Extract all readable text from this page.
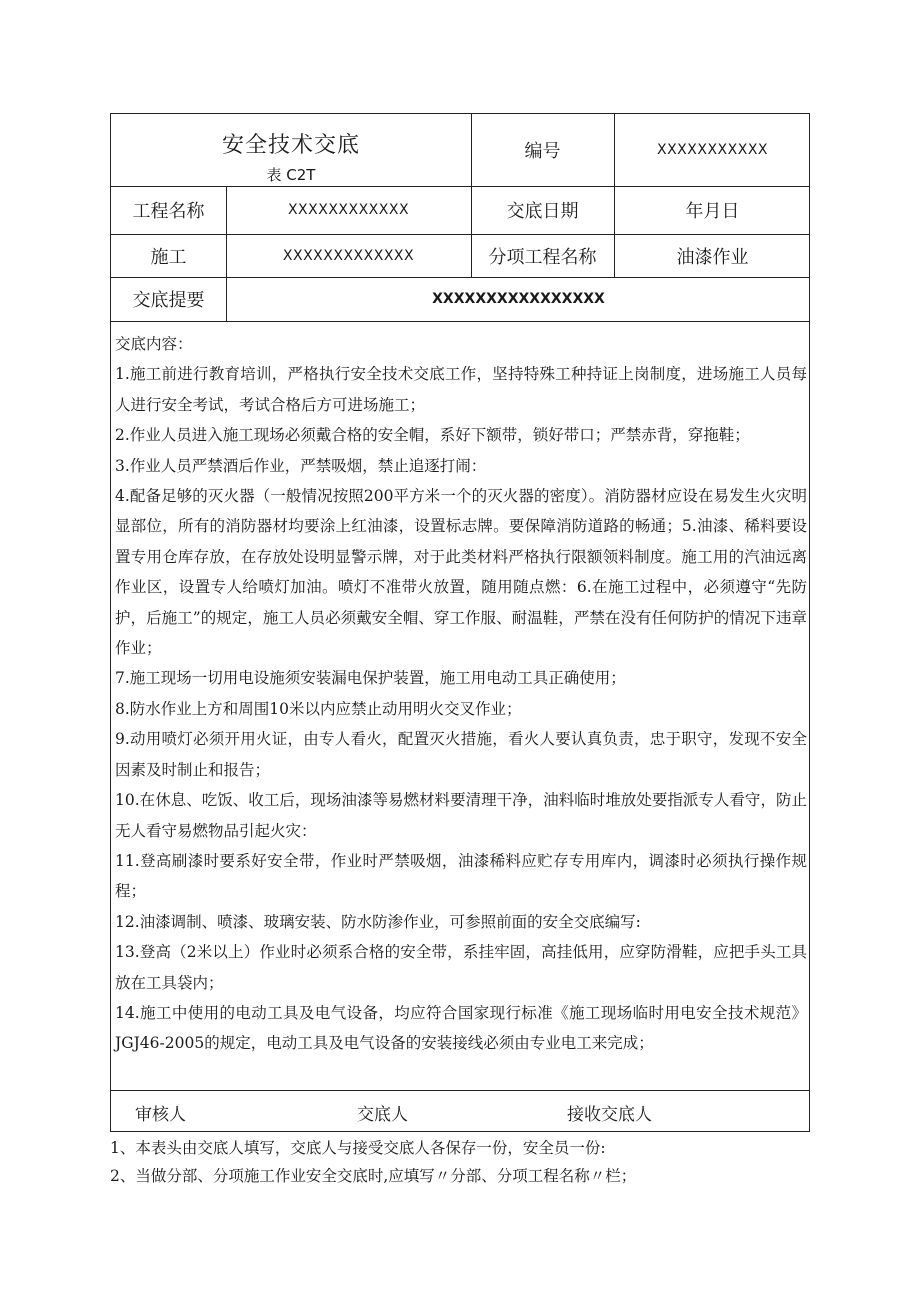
安全技术交底
表 C2T
编号	XXXXXXXXXXX
工程名称	XXXXXXXXXXXX	交底日期	年月日
施工	XXXXXXXXXXXXX	分项工程名称	油漆作业
交底提要	XXXXXXXXXXXXXXXX

交底内容：

1.施工前进行教育培训，严格执行安全技术交底工作，坚持特殊工种持证上岗制度，进场施工人员每人进行安全考试，考试合格后方可进场施工；

2.作业人员进入施工现场必须戴合格的安全帽，系好下额带，锁好带口；严禁赤背，穿拖鞋；

3.作业人员严禁酒后作业，严禁吸烟，禁止追逐打闹：

4.配备足够的灭火器（一般情况按照200平方米一个的灭火器的密度）。消防器材应设在易发生火灾明显部位，所有的消防器材均要涂上红油漆，设置标志牌。要保障消防道路的畅通；5.油漆、稀料要设置专用仓库存放，在存放处设明显警示牌，对于此类材料严格执行限额领料制度。施工用的汽油远离作业区，设置专人给喷灯加油。喷灯不准带火放置，随用随点燃：6.在施工过程中，必须遵守“先防护，后施工”的规定，施工人员必须戴安全帽、穿工作服、耐温鞋，严禁在没有任何防护的情况下违章作业；

7.施工现场一切用电设施须安装漏电保护装置，施工用电动工具正确使用；

8.防水作业上方和周围10米以内应禁止动用明火交叉作业；

9.动用喷灯必须开用火证，由专人看火，配置灭火措施，看火人要认真负责，忠于职守，发现不安全因素及时制止和报告；

10.在休息、吃饭、收工后，现场油漆等易燃材料要清理干净，油料临时堆放处要指派专人看守，防止无人看守易燃物品引起火灾：

11.登高刷漆时要系好安全带，作业时严禁吸烟，油漆稀料应贮存专用库内，调漆时必须执行操作规程；

12.油漆调制、喷漆、玻璃安装、防水防渗作业，可参照前面的安全交底编写:

13.登高（2米以上）作业时必须系合格的安全带，系挂牢固，高挂低用，应穿防滑鞋，应把手头工具放在工具袋内；

14.施工中使用的电动工具及电气设备，均应符合国家现行标准《施工现场临时用电安全技术规范》JGJ46-2005的规定，电动工具及电气设备的安装接线必须由专业电工来完成；

审核人	交底人	接收交底人

1、本表头由交底人填写，交底人与接受交底人各保存一份，安全员一份:

2、当做分部、分项施工作业安全交底时,应填写〃分部、分项工程名称〃栏；
